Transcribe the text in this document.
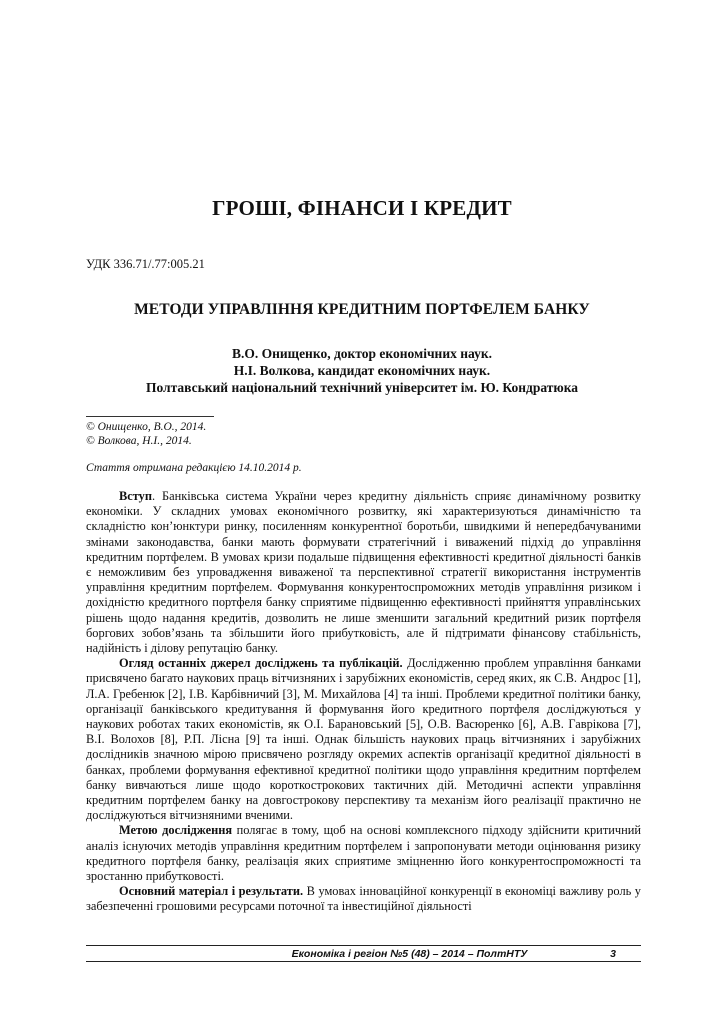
ГРОШІ, ФІНАНСИ І КРЕДИТ
УДК 336.71/.77:005.21
МЕТОДИ УПРАВЛІННЯ КРЕДИТНИМ ПОРТФЕЛЕМ БАНКУ
В.О. Онищенко, доктор економічних наук.
Н.І. Волкова, кандидат економічних наук.
Полтавський національний технічний університет ім. Ю. Кондратюка
© Онищенко, В.О., 2014.
© Волкова, Н.І., 2014.
Стаття отримана редакцією 14.10.2014 р.

Вступ. Банківська система України через кредитну діяльність сприяє динамічному розвитку економіки. У складних умовах економічного розвитку, які характеризуються динамічністю та складністю кон’юнктури ринку, посиленням конкурентної боротьби, швидкими й непередбачуваними змінами законодавства, банки мають формувати стратегічний і виважений підхід до управління кредитним портфелем. В умовах кризи подальше підвищення ефективності кредитної діяльності банків є неможливим без упровадження виваженої та перспективної стратегії використання інструментів управління кредитним портфелем. Формування конкурентоспроможних методів управління ризиком і дохідністю кредитного портфеля банку сприятиме підвищенню ефективності прийняття управлінських рішень щодо надання кредитів, дозволить не лише зменшити загальний кредитний ризик портфеля боргових зобов’язань та збільшити його прибутковість, але й підтримати фінансову стабільність, надійність і ділову репутацію банку.

Огляд останніх джерел досліджень та публікацій. Дослідженню проблем управління банками присвячено багато наукових праць вітчизняних і зарубіжних економістів, серед яких, як С.В. Андрос [1], Л.А. Гребенюк [2], І.В. Карбівничий [3], М. Михайлова [4] та інші. Проблеми кредитної політики банку, організації банківського кредитування й формування його кредитного портфеля досліджуються у наукових роботах таких економістів, як О.І. Барановський [5], О.В. Васюренко [6], А.В. Гаврікова [7], В.І. Волохов [8], Р.П. Лісна [9] та інші. Однак більшість наукових праць вітчизняних і зарубіжних дослідників значною мірою присвячено розгляду окремих аспектів організації кредитної діяльності в банках, проблеми формування ефективної кредитної політики щодо управління кредитним портфелем банку вивчаються лише щодо короткострокових тактичних дій. Методичні аспекти управління кредитним портфелем банку на довгострокову перспективу та механізм його реалізації практично не досліджуються вітчизняними вченими.

Метою дослідження полягає в тому, щоб на основі комплексного підходу здійснити критичний аналіз існуючих методів управління кредитним портфелем і запропонувати методи оцінювання ризику кредитного портфеля банку, реалізація яких сприятиме зміцненню його конкурентоспроможності та зростанню прибутковості.

Основний матеріал і результати. В умовах інноваційної конкуренції в економіці важливу роль у забезпеченні грошовими ресурсами поточної та інвестиційної діяльності

Економіка і регіон №5 (48) – 2014 – ПолтНТУ	3
